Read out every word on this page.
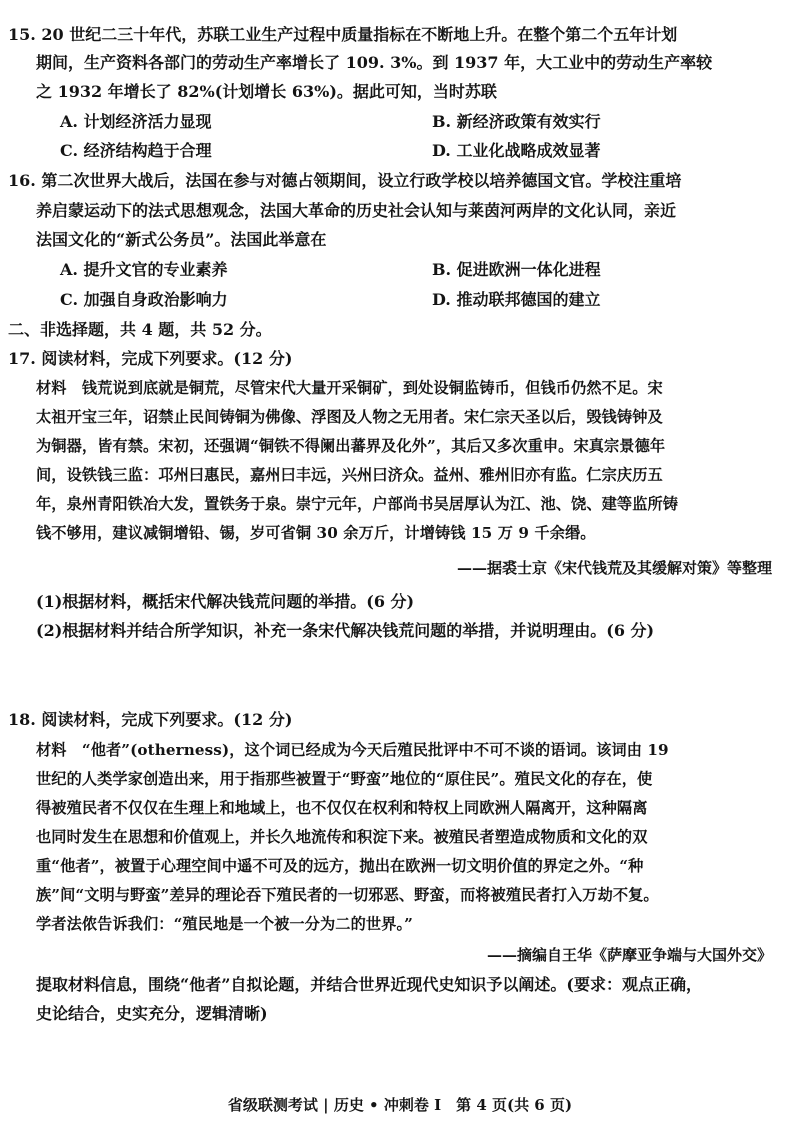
15. 20 世纪二三十年代，苏联工业生产过程中质量指标在不断地上升。在整个第二个五年计划
期间，生产资料各部门的劳动生产率增长了 109. 3%。到 1937 年，大工业中的劳动生产率较
之 1932 年增长了 82%(计划增长 63%)。据此可知，当时苏联
A. 计划经济活力显现	B. 新经济政策有效实行
C. 经济结构趋于合理	D. 工业化战略成效显著
16. 第二次世界大战后，法国在参与对德占领期间，设立行政学校以培养德国文官。学校注重培
养启蒙运动下的法式思想观念，法国大革命的历史社会认知与莱茵河两岸的文化认同，亲近
法国文化的“新式公务员”。法国此举意在
A. 提升文官的专业素养	B. 促进欧洲一体化进程
C. 加强自身政治影响力	D. 推动联邦德国的建立
二、非选择题，共 4 题，共 52 分。
17. 阅读材料，完成下列要求。(12 分)
材料　钱荒说到底就是铜荒，尽管宋代大量开采铜矿，到处设铜监铸币，但钱币仍然不足。宋
太祖开宝三年，诏禁止民间铸铜为佛像、浮图及人物之无用者。宋仁宗天圣以后，毁钱铸钟及
为铜器，皆有禁。宋初，还强调“铜铁不得阑出蕃界及化外”，其后又多次重申。宋真宗景德年
间，设铁钱三监：邛州曰惠民，嘉州曰丰远，兴州曰济众。益州、雅州旧亦有监。仁宗庆历五
年，泉州青阳铁冶大发，置铁务于泉。崇宁元年，户部尚书吴居厚认为江、池、饶、建等监所铸
钱不够用，建议减铜增铅、锡，岁可省铜 30 余万斤，计增铸钱 15 万 9 千余缗。
——据裘士京《宋代钱荒及其缓解对策》等整理
(1)根据材料，概括宋代解决钱荒问题的举措。(6 分)
(2)根据材料并结合所学知识，补充一条宋代解决钱荒问题的举措，并说明理由。(6 分)
18. 阅读材料，完成下列要求。(12 分)
材料　“他者”(otherness)，这个词已经成为今天后殖民批评中不可不谈的语词。该词由 19
世纪的人类学家创造出来，用于指那些被置于“野蛮”地位的“原住民”。殖民文化的存在，使
得被殖民者不仅仅在生理上和地域上，也不仅仅在权利和特权上同欧洲人隔离开，这种隔离
也同时发生在思想和价值观上，并长久地流传和积淀下来。被殖民者塑造成物质和文化的双
重“他者”，被置于心理空间中遥不可及的远方，抛出在欧洲一切文明价值的界定之外。“种
族”间“文明与野蛮”差异的理论吞下殖民者的一切邪恶、野蛮，而将被殖民者打入万劫不复。
学者法侬告诉我们：“殖民地是一个被一分为二的世界。”
——摘编自王华《萨摩亚争端与大国外交》
提取材料信息，围绕“他者”自拟论题，并结合世界近现代史知识予以阐述。(要求：观点正确，
史论结合，史实充分，逻辑清晰)
省级联测考试 | 历史 • 冲刺卷 I　第 4 页(共 6 页)
